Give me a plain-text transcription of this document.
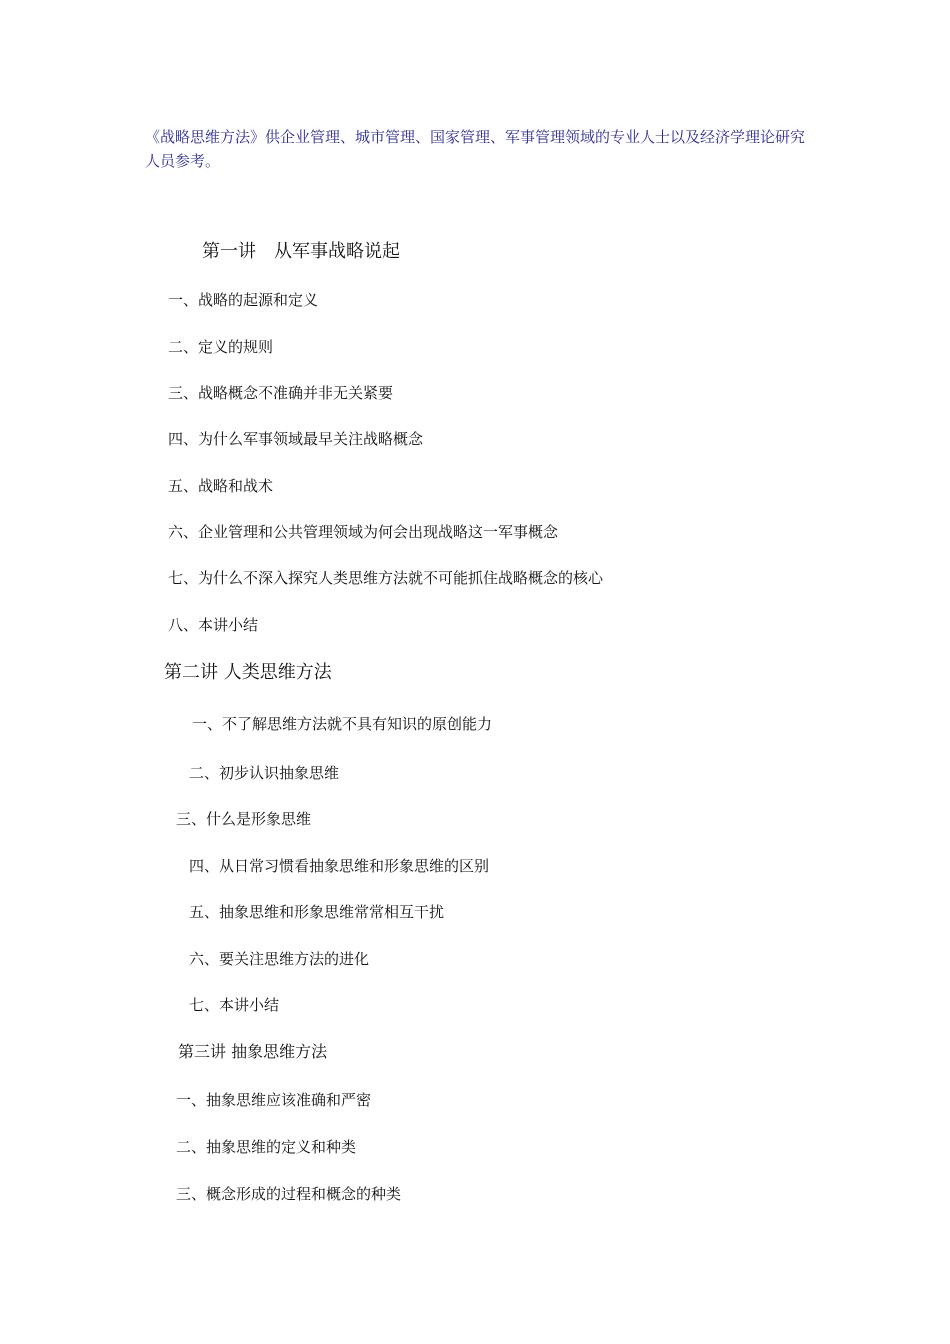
《战略思维方法》供企业管理、城市管理、国家管理、军事管理领域的专业人士以及经济学理论研究人员参考。
第一讲　从军事战略说起
一、战略的起源和定义
二、定义的规则
三、战略概念不准确并非无关紧要
四、为什么军事领域最早关注战略概念
五、战略和战术
六、企业管理和公共管理领域为何会出现战略这一军事概念
七、为什么不深入探究人类思维方法就不可能抓住战略概念的核心
八、本讲小结
第二讲 人类思维方法
一、不了解思维方法就不具有知识的原创能力
二、初步认识抽象思维
三、什么是形象思维
四、从日常习惯看抽象思维和形象思维的区别
五、抽象思维和形象思维常常相互干扰
六、要关注思维方法的进化
七、本讲小结
第三讲 抽象思维方法
一、抽象思维应该准确和严密
二、抽象思维的定义和种类
三、概念形成的过程和概念的种类
